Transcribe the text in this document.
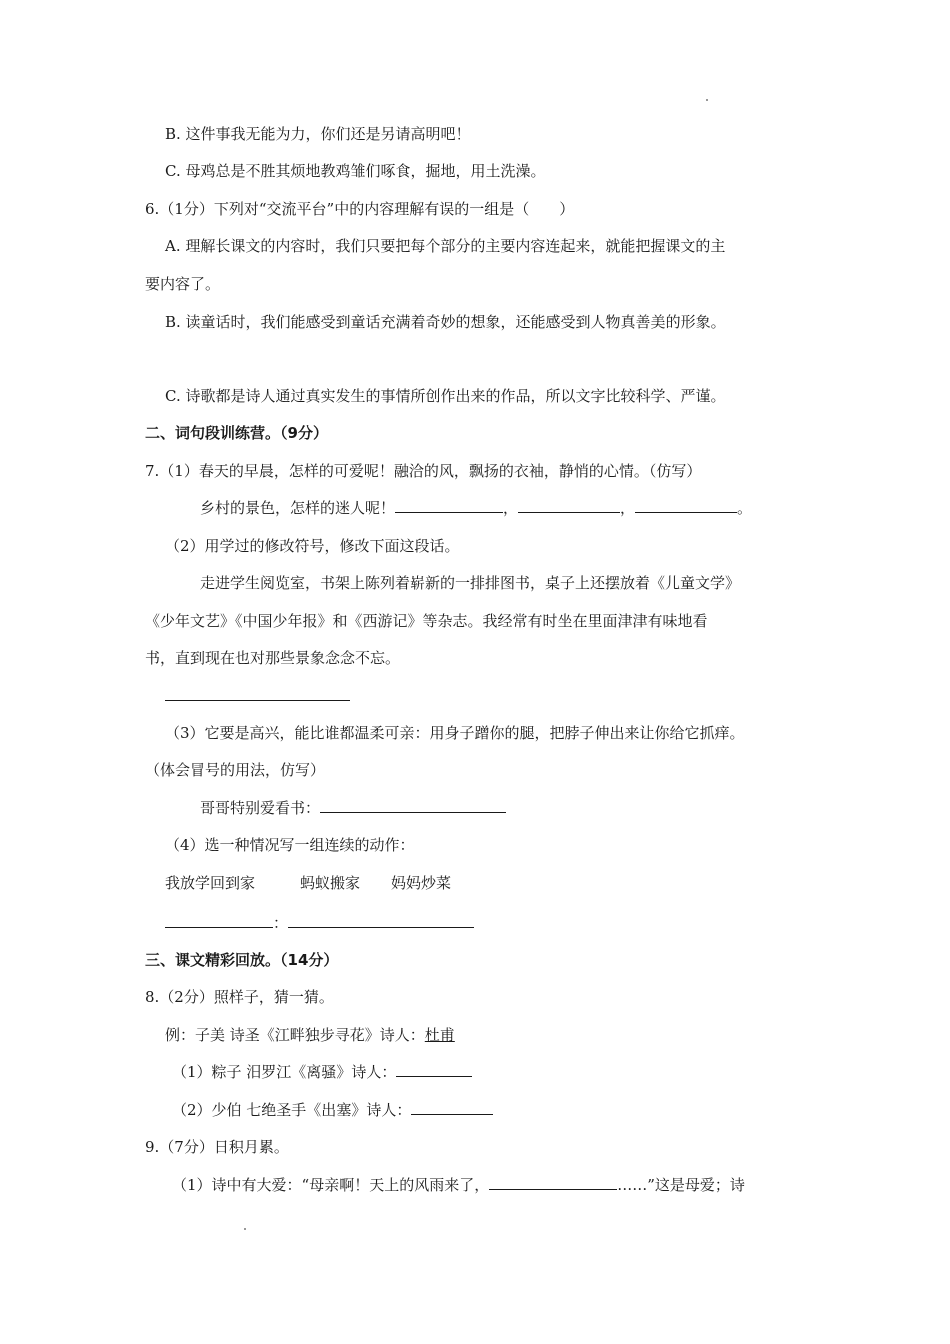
B. 这件事我无能为力，你们还是另请高明吧！
C. 母鸡总是不胜其烦地教鸡雏们啄食，掘地，用土洗澡。
6.（1分）下列对“交流平台”中的内容理解有误的一组是（　　）
A. 理解长课文的内容时，我们只要把每个部分的主要内容连起来，就能把握课文的主
要内容了。
B. 读童话时，我们能感受到童话充满着奇妙的想象，还能感受到人物真善美的形象。
C. 诗歌都是诗人通过真实发生的事情所创作出来的作品，所以文字比较科学、严谨。
二、词句段训练营。（9分）
7.（1）春天的早晨，怎样的可爱呢！融洽的风，飘扬的衣袖，静悄的心情。（仿写）
乡村的景色，怎样的迷人呢！	，	，	。
（2）用学过的修改符号，修改下面这段话。
走进学生阅览室，书架上陈列着崭新的一排排图书，桌子上还摆放着《儿童文学》
《少年文艺》《中国少年报》和《西游记》等杂志。我经常有时坐在里面津津有味地看
书，直到现在也对那些景象念念不忘。
（3）它要是高兴，能比谁都温柔可亲：用身子蹭你的腿，把脖子伸出来让你给它抓痒。
（体会冒号的用法，仿写）
哥哥特别爱看书：
（4）选一种情况写一组连续的动作：
我放学回到家	蚂蚁搬家 妈妈炒菜
：
三、课文精彩回放。（14分）
8.（2分）照样子，猜一猜。
例：子美 诗圣《江畔独步寻花》诗人：杜甫
（1）粽子 汨罗江《离骚》诗人：
（2）少伯 七绝圣手《出塞》诗人：
9.（7分）日积月累。
（1）诗中有大爱：“母亲啊！天上的风雨来了，	……”这是母爱；诗
